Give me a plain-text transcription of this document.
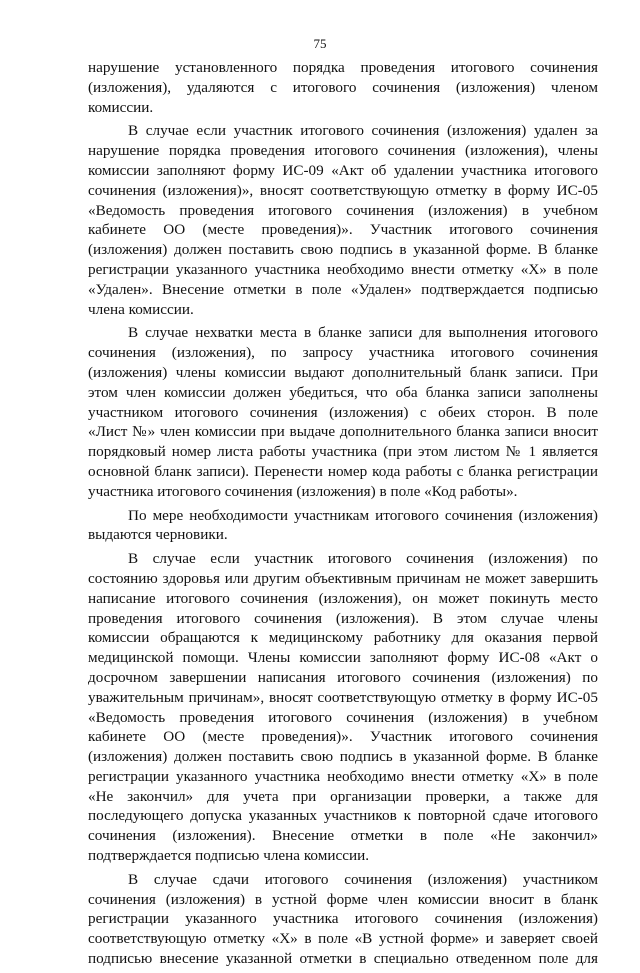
75
нарушение установленного порядка проведения итогового сочинения
(изложения), удаляются с итогового сочинения (изложения) членом
комиссии.
В случае если участник итогового сочинения (изложения) удален за
нарушение порядка проведения итогового сочинения (изложения), члены
комиссии заполняют форму ИС-09 «Акт об удалении участника итогового
сочинения (изложения)», вносят соответствующую отметку в форму ИС-05
«Ведомость проведения итогового сочинения (изложения) в учебном
кабинете ОО (месте проведения)». Участник итогового сочинения
(изложения) должен поставить свою подпись в указанной форме. В бланке
регистрации указанного участника необходимо внести отметку «Х» в поле
«Удален». Внесение отметки в поле «Удален» подтверждается подписью
члена комиссии.
В случае нехватки места в бланке записи для выполнения итогового
сочинения (изложения), по запросу участника итогового сочинения
(изложения) члены комиссии выдают дополнительный бланк записи. При
этом член комиссии должен убедиться, что оба бланка записи заполнены
участником итогового сочинения (изложения) с обеих сторон. В поле
«Лист №» член комиссии при выдаче дополнительного бланка записи вносит
порядковый номер листа работы участника (при этом листом № 1 является
основной бланк записи). Перенести номер кода работы с бланка регистрации
участника итогового сочинения (изложения) в поле «Код работы».
По мере необходимости участникам итогового сочинения (изложения)
выдаются черновики.
В случае если участник итогового сочинения (изложения) по
состоянию здоровья или другим объективным причинам не может завершить
написание итогового сочинения (изложения), он может покинуть место
проведения итогового сочинения (изложения). В этом случае члены
комиссии обращаются к медицинскому работнику для оказания первой
медицинской помощи. Члены комиссии заполняют форму ИС-08 «Акт о
досрочном завершении написания итогового сочинения (изложения) по
уважительным причинам», вносят соответствующую отметку в форму ИС-05
«Ведомость проведения итогового сочинения (изложения) в учебном
кабинете ОО (месте проведения)». Участник итогового сочинения
(изложения) должен поставить свою подпись в указанной форме. В бланке
регистрации указанного участника необходимо внести отметку «Х» в поле
«Не закончил» для учета при организации проверки, а также для
последующего допуска указанных участников к повторной сдаче итогового
сочинения (изложения). Внесение отметки в поле «Не закончил»
подтверждается подписью члена комиссии.
В случае сдачи итогового сочинения (изложения) участником
сочинения (изложения) в устной форме член комиссии вносит в бланк
регистрации указанного участника итогового сочинения (изложения)
соответствующую отметку «Х» в поле «В устной форме» и заверяет своей
подписью внесение указанной отметки в специально отведенном поле для
